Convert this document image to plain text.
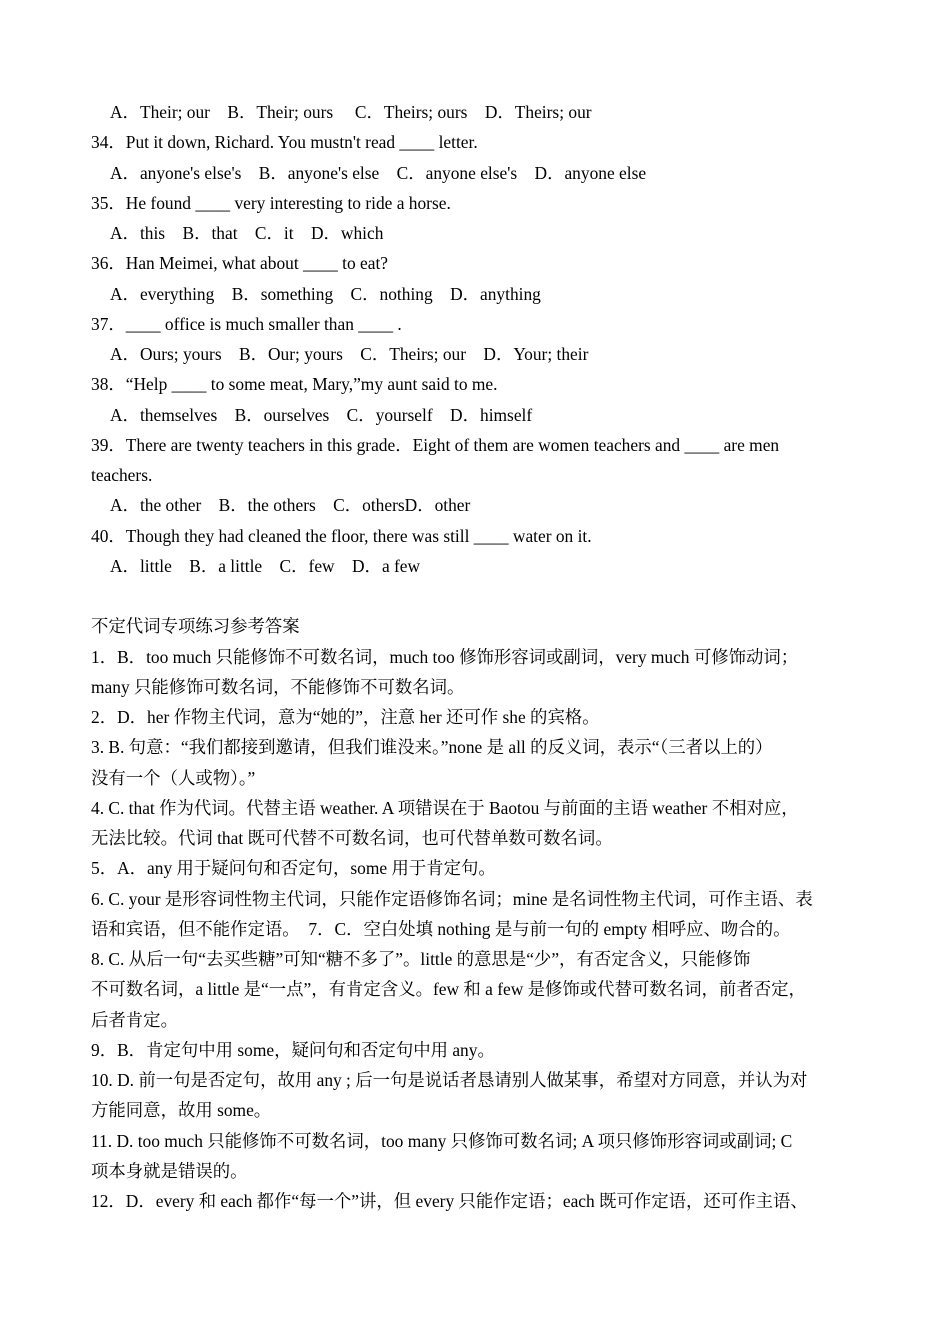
A．Their; our　B．Their; ours　 C．Theirs; ours　D．Theirs; our
34．Put it down, Richard. You mustn't read ____ letter.
A．anyone's else's　B．anyone's else　C．anyone else's　D．anyone else
35．He found ____ very interesting to ride a horse.
A．this　B．that　C．it　D．which
36．Han Meimei, what about ____ to eat?
A．everything　B．something　C．nothing　D．anything
37．____ office is much smaller than ____ .
A．Ours; yours　B．Our; yours　C．Theirs; our　D．Your; their
38．“Help ____ to some meat, Mary,”my aunt said to me.
A．themselves　B．ourselves　C．yourself　D．himself
39．There are twenty teachers in this grade．Eight of them are women teachers and ____ are men
teachers.
A．the other　B．the others　C．othersD．other
40．Though they had cleaned the floor, there was still ____ water on it.
A．little　B．a little　C．few　D．a few
不定代词专项练习参考答案
1．B．too much 只能修饰不可数名词，much too 修饰形容词或副词，very much 可修饰动词；
many 只能修饰可数名词，不能修饰不可数名词。
2．D．her 作物主代词，意为“她的”，注意 her 还可作 she 的宾格。
3. B. 句意：“我们都接到邀请，但我们谁没来。”none 是 all 的反义词，表示“（三者以上的）
没有一个（人或物）。”
4. C. that 作为代词。代替主语 weather. A 项错误在于 Baotou 与前面的主语 weather 不相对应，
无法比较。代词 that 既可代替不可数名词，也可代替单数可数名词。
5．A．any 用于疑问句和否定句，some 用于肯定句。
6. C. your 是形容词性物主代词，只能作定语修饰名词；mine 是名词性物主代词，可作主语、表
语和宾语，但不能作定语。　7．C．空白处填 nothing 是与前一句的 empty 相呼应、吻合的。
8. C. 从后一句“去买些糖”可知“糖不多了”。little 的意思是“少”，有否定含义，只能修饰
不可数名词，a little 是“一点”，有肯定含义。few 和 a few 是修饰或代替可数名词，前者否定，
后者肯定。
9．B．肯定句中用 some，疑问句和否定句中用 any。
10. D. 前一句是否定句，故用 any ; 后一句是说话者恳请别人做某事，希望对方同意，并认为对
方能同意，故用 some。
11. D. too much 只能修饰不可数名词，too many 只修饰可数名词; A 项只修饰形容词或副词; C
项本身就是错误的。
12．D．every 和 each 都作“每一个”讲，但 every 只能作定语；each 既可作定语，还可作主语、
